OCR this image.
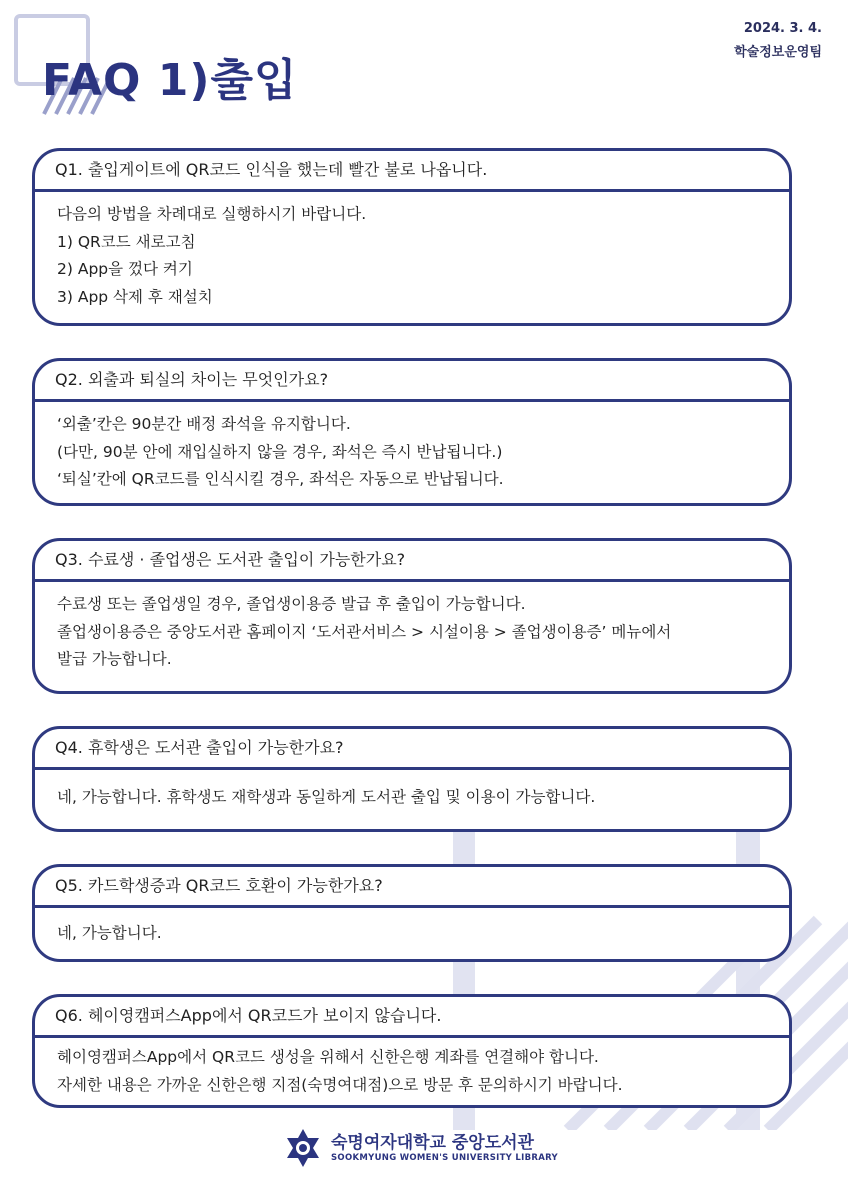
FAQ 1)출입
2024. 3. 4.
학술정보운영팀
Q1. 출입게이트에 QR코드 인식을 했는데 빨간 불로 나옵니다.
다음의 방법을 차례대로 실행하시기 바랍니다.
1) QR코드 새로고침
2) App을 껐다 켜기
3) App 삭제 후 재설치
Q2. 외출과 퇴실의 차이는 무엇인가요?
‘외출’칸은 90분간 배정 좌석을 유지합니다.
(다만, 90분 안에 재입실하지 않을 경우, 좌석은 즉시 반납됩니다.)
‘퇴실’칸에 QR코드를 인식시킬 경우, 좌석은 자동으로 반납됩니다.
Q3. 수료생 · 졸업생은 도서관 출입이 가능한가요?
수료생 또는 졸업생일 경우, 졸업생이용증 발급 후 출입이 가능합니다.
졸업생이용증은 중앙도서관 홈페이지 ‘도서관서비스 > 시설이용 > 졸업생이용증’ 메뉴에서
발급 가능합니다.
Q4. 휴학생은 도서관 출입이 가능한가요?
네, 가능합니다. 휴학생도 재학생과 동일하게 도서관 출입 및 이용이 가능합니다.
Q5. 카드학생증과 QR코드 호환이 가능한가요?
네, 가능합니다.
Q6. 헤이영캠퍼스App에서 QR코드가 보이지 않습니다.
헤이영캠퍼스App에서 QR코드 생성을 위해서 신한은행 계좌를 연결해야 합니다.
자세한 내용은 가까운 신한은행 지점(숙명여대점)으로 방문 후 문의하시기 바랍니다.
숙명여자대학교 중앙도서관
SOOKMYUNG WOMEN'S UNIVERSITY LIBRARY
